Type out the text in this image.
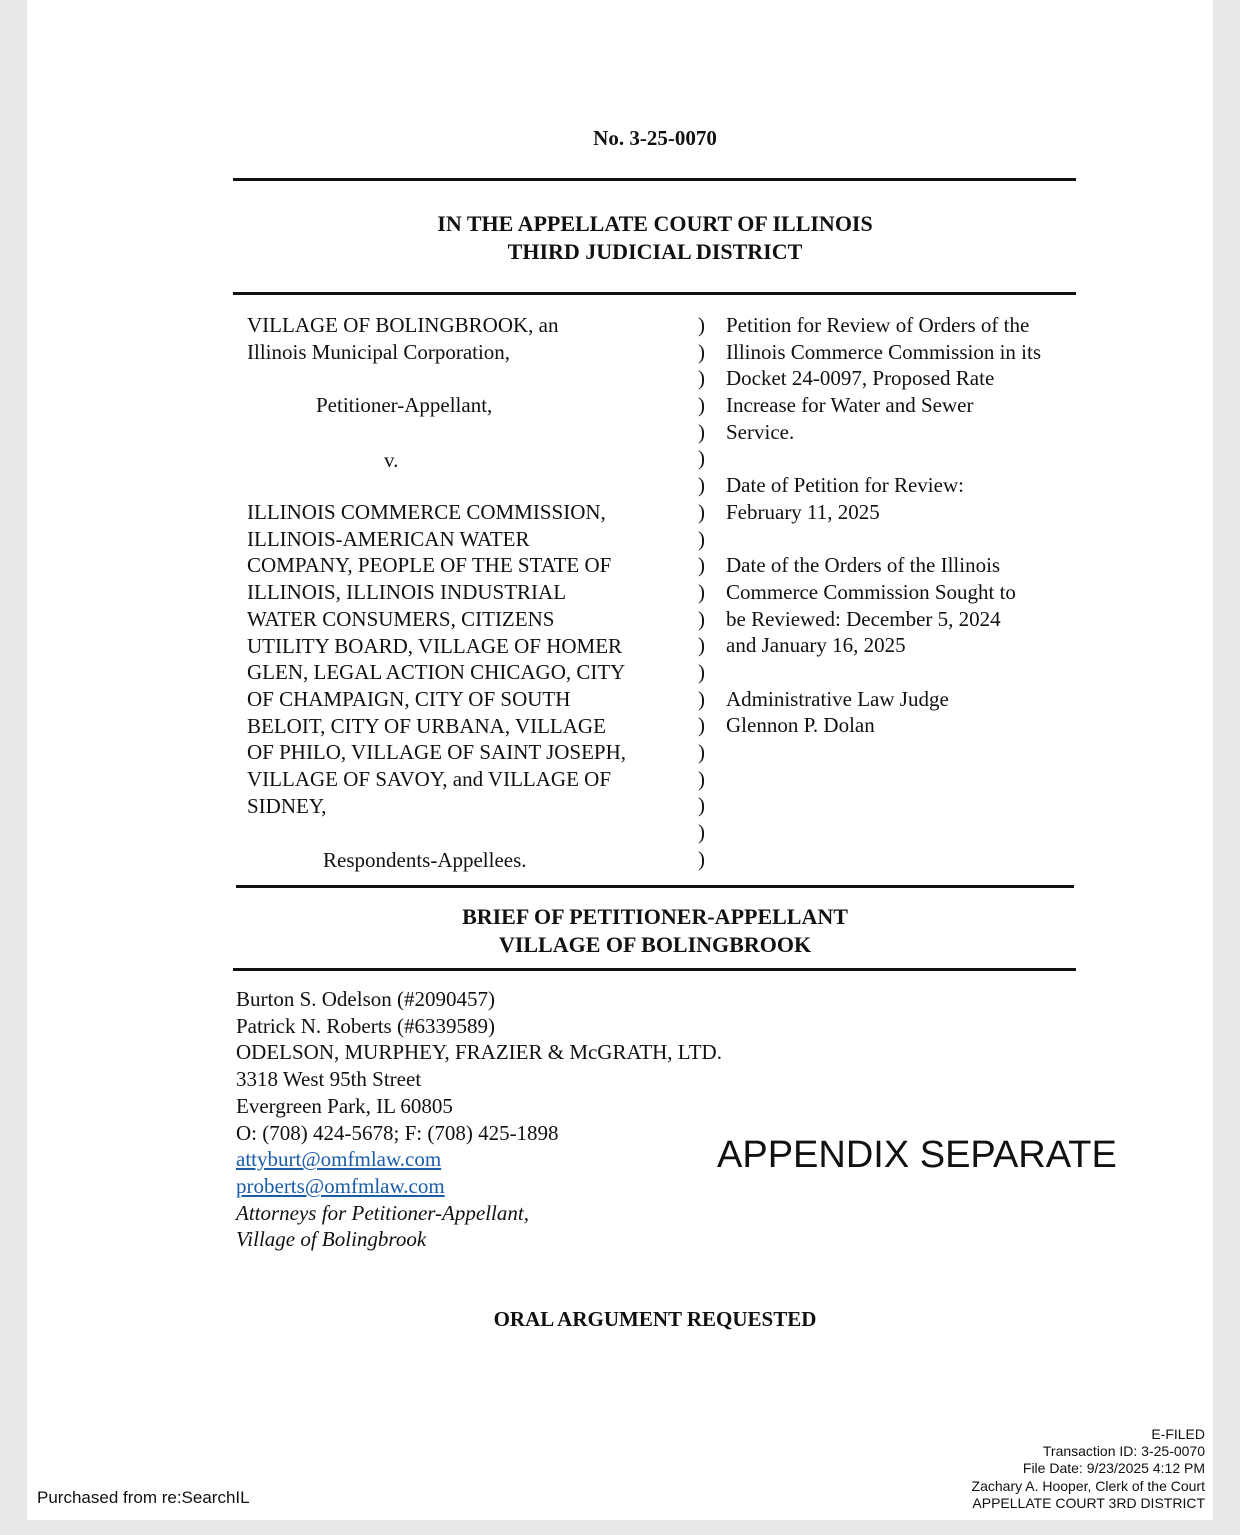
No. 3-25-0070
IN THE APPELLATE COURT OF ILLINOIS
THIRD JUDICIAL DISTRICT
VILLAGE OF BOLINGBROOK, an
Illinois Municipal Corporation,
Petitioner-Appellant,
v.
ILLINOIS COMMERCE COMMISSION,
ILLINOIS-AMERICAN WATER
COMPANY, PEOPLE OF THE STATE OF
ILLINOIS, ILLINOIS INDUSTRIAL
WATER CONSUMERS, CITIZENS
UTILITY BOARD, VILLAGE OF HOMER
GLEN, LEGAL ACTION CHICAGO, CITY
OF CHAMPAIGN, CITY OF SOUTH
BELOIT, CITY OF URBANA, VILLAGE
OF PHILO, VILLAGE OF SAINT JOSEPH,
VILLAGE OF SAVOY, and VILLAGE OF
SIDNEY,
Respondents-Appellees.
)
)
)
)
)
)
)
)
)
)
)
)
)
)
)
)
)
)
)
)
)
Petition for Review of Orders of the
Illinois Commerce Commission in its
Docket 24-0097, Proposed Rate
Increase for Water and Sewer
Service.
Date of Petition for Review:
February 11, 2025
Date of the Orders of the Illinois
Commerce Commission Sought to
be Reviewed: December 5, 2024
and January 16, 2025
Administrative Law Judge
Glennon P. Dolan
BRIEF OF PETITIONER-APPELLANT
VILLAGE OF BOLINGBROOK
Burton S. Odelson (#2090457)
Patrick N. Roberts (#6339589)
ODELSON, MURPHEY, FRAZIER & McGRATH, LTD.
3318 West 95th Street
Evergreen Park, IL 60805
O: (708) 424-5678; F: (708) 425-1898
attyburt@omfmlaw.com
proberts@omfmlaw.com
Attorneys for Petitioner-Appellant,
Village of Bolingbrook
APPENDIX SEPARATE
ORAL ARGUMENT REQUESTED
Purchased from re:SearchIL
E-FILED
Transaction ID: 3-25-0070
File Date: 9/23/2025 4:12 PM
Zachary A. Hooper, Clerk of the Court
APPELLATE COURT 3RD DISTRICT
